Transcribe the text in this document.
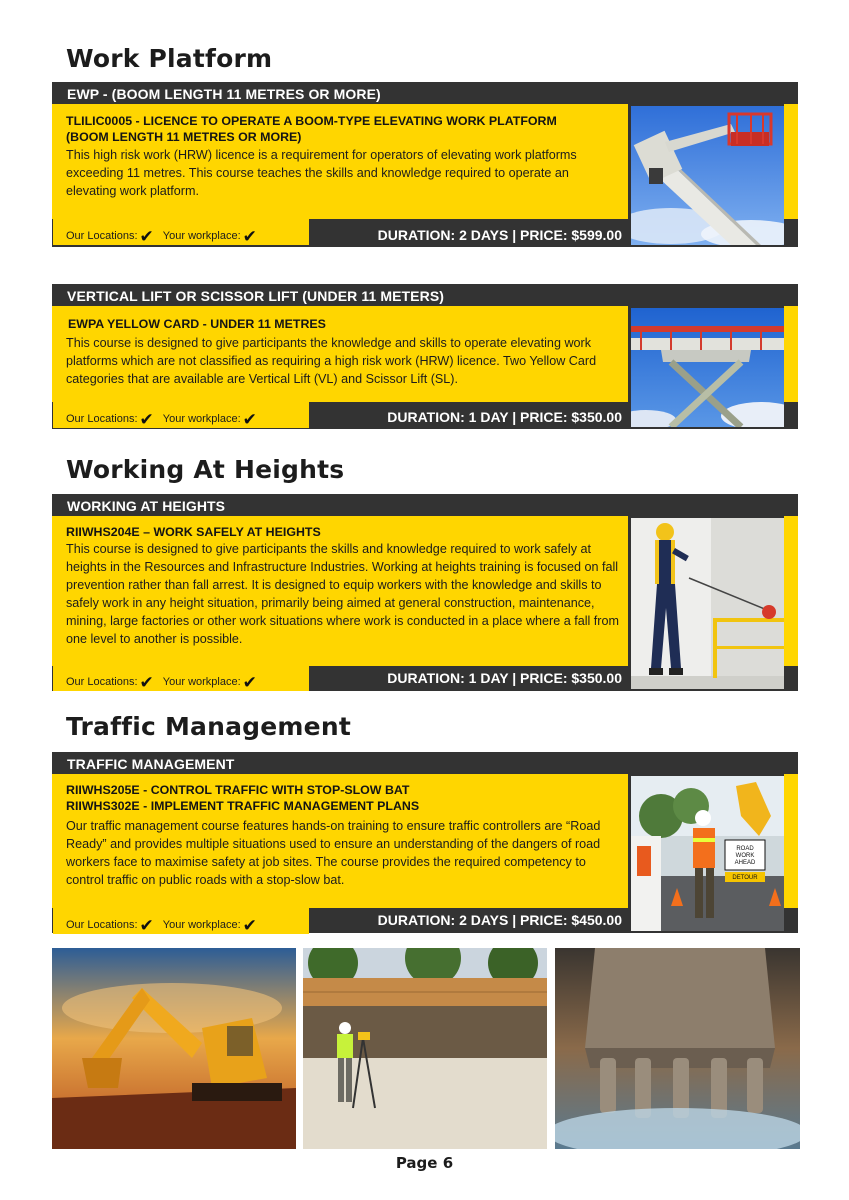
Work Platform
EWP - (BOOM LENGTH 11 METRES OR MORE)
TLILIC0005 - LICENCE TO OPERATE A BOOM-TYPE ELEVATING WORK PLATFORM
(BOOM LENGTH 11 METRES OR MORE)
This high risk work (HRW) licence is a requirement for operators of elevating work platforms exceeding 11 metres. This course teaches the skills and knowledge required to operate an elevating work platform.
Our Locations: ✔ Your workplace: ✔	DURATION: 2 DAYS | PRICE: $599.00
VERTICAL LIFT OR SCISSOR LIFT (UNDER 11 METERS)
EWPA YELLOW CARD - UNDER 11 METRES
This course is designed to give participants the knowledge and skills to operate elevating work platforms which are not classified as requiring a high risk work (HRW) licence. Two Yellow Card categories that are available are Vertical Lift (VL) and Scissor Lift (SL).
Our Locations: ✔ Your workplace: ✔	DURATION: 1 DAY | PRICE: $350.00
Working At Heights
WORKING AT HEIGHTS
RIIWHS204E – WORK SAFELY AT HEIGHTS
This course is designed to give participants the skills and knowledge required to work safely at heights in the Resources and Infrastructure Industries. Working at heights training is focused on fall prevention rather than fall arrest. It is designed to equip workers with the knowledge and skills to safely work in any height situation, primarily being aimed at general construction, maintenance, mining, large factories or other work situations where work is conducted in a place where a fall from one level to another is possible.
Our Locations: ✔ Your workplace: ✔	DURATION: 1 DAY | PRICE: $350.00
Traffic Management
TRAFFIC MANAGEMENT
RIIWHS205E - CONTROL TRAFFIC WITH STOP-SLOW BAT
RIIWHS302E - IMPLEMENT TRAFFIC MANAGEMENT PLANS
Our traffic management course features hands-on training to ensure traffic controllers are “Road Ready” and provides multiple situations used to ensure an understanding of the dangers of road workers face to maximise safety at job sites. The course provides the required competency to control traffic on public roads with a stop-slow bat.
Our Locations: ✔ Your workplace: ✔	DURATION: 2 DAYS | PRICE: $450.00
ROAD
WORK
AHEAD
DETOUR
Page 6
